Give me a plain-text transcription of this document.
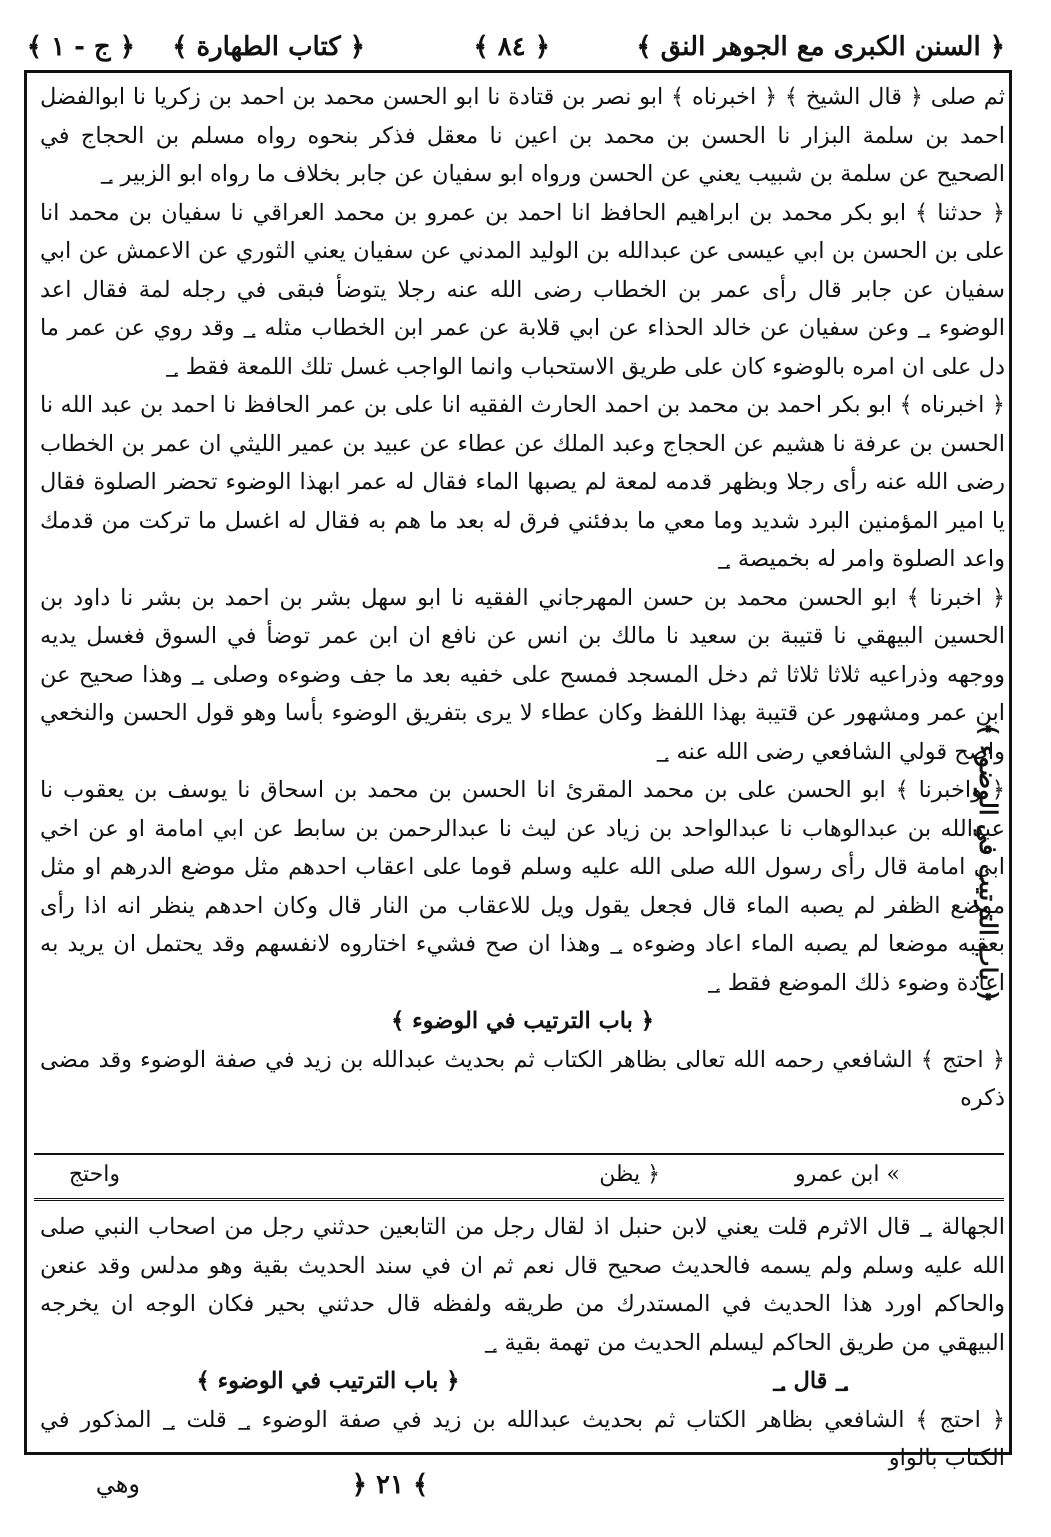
﴿ السنن الكبرى مع الجوهر النق ﴾
﴿ ٨٤ ﴾
﴿ كتاب الطهارة ﴾
﴿ ج - ١ ﴾

ثم صلى ﴿ قال الشيخ ﴾ ﴿ اخبرناه ﴾ ابو نصر بن قتادة نا ابو الحسن محمد بن احمد بن زكريا نا ابوالفضل احمد بن سلمة البزار نا الحسن بن محمد بن اعين نا معقل فذكر بنحوه رواه مسلم بن الحجاج في الصحيح عن سلمة بن شبيب يعني عن الحسن ورواه ابو سفيان عن جابر بخلاف ما رواه ابو الزبير ؀

﴿ حدثنا ﴾ ابو بكر محمد بن ابراهيم الحافظ انا احمد بن عمرو بن محمد العراقي نا سفيان بن محمد انا على بن الحسن بن ابي عيسى عن عبدالله بن الوليد المدني عن سفيان يعني الثوري عن الاعمش عن ابي سفيان عن جابر قال رأى عمر بن الخطاب رضى الله عنه رجلا يتوضأ فبقى في رجله لمة فقال اعد الوضوء ؀ وعن سفيان عن خالد الحذاء عن ابي قلابة عن عمر ابن الخطاب مثله ؀ وقد روي عن عمر ما دل على ان امره بالوضوء كان على طريق الاستحباب وانما الواجب غسل تلك اللمعة فقط ؀

﴿ اخبرناه ﴾ ابو بكر احمد بن محمد بن احمد الحارث الفقيه انا على بن عمر الحافظ نا احمد بن عبد الله نا الحسن بن عرفة نا هشيم عن الحجاج وعبد الملك عن عطاء عن عبيد بن عمير الليثي ان عمر بن الخطاب رضى الله عنه رأى رجلا وبظهر قدمه لمعة لم يصبها الماء فقال له عمر ابهذا الوضوء تحضر الصلوة فقال يا امير المؤمنين البرد شديد وما معي ما بدفئني فرق له بعد ما هم به فقال له اغسل ما تركت من قدمك واعد الصلوة وامر له بخميصة ؀

﴿ اخبرنا ﴾ ابو الحسن محمد بن حسن المهرجاني الفقيه نا ابو سهل بشر بن احمد بن بشر نا داود بن الحسين البيهقي نا قتيبة بن سعيد نا مالك بن انس عن نافع ان ابن عمر توضأ في السوق فغسل يديه ووجهه وذراعيه ثلاثا ثلاثا ثم دخل المسجد فمسح على خفيه بعد ما جف وضوءه وصلى ؀ وهذا صحيح عن ابن عمر ومشهور عن قتيبة بهذا اللفظ وكان عطاء لا يرى بتفريق الوضوء بأسا وهو قول الحسن والنخعي واصح قولي الشافعي رضى الله عنه ؀

﴿ واخبرنا ﴾ ابو الحسن على بن محمد المقرئ انا الحسن بن محمد بن اسحاق نا يوسف بن يعقوب نا عبدالله بن عبدالوهاب نا عبدالواحد بن زياد عن ليث نا عبدالرحمن بن سابط عن ابي امامة او عن اخي ابي امامة قال رأى رسول الله صلى الله عليه وسلم قوما على اعقاب احدهم مثل موضع الدرهم او مثل موضع الظفر لم يصبه الماء قال فجعل يقول ويل للاعقاب من النار قال وكان احدهم ينظر انه اذا رأى بعقبه موضعا لم يصبه الماء اعاد وضوءه ؀ وهذا ان صح فشيء اختاروه لانفسهم وقد يحتمل ان يريد به اعادة وضوء ذلك الموضع فقط ؀

﴿ باب الترتيب في الوضوء ﴾

﴿ احتج ﴾ الشافعي رحمه الله تعالى بظاهر الكتاب ثم بحديث عبدالله بن زيد في صفة الوضوء وقد مضى ذكره

» ابن عمرو
﴿ يظن
واحتج

الجهالة ؀ قال الاثرم قلت يعني لابن حنبل اذ لقال رجل من التابعين حدثني رجل من اصحاب النبي صلى الله عليه وسلم ولم يسمه فالحديث صحيح قال نعم ثم ان في سند الحديث بقية وهو مدلس وقد عنعن والحاكم اورد هذا الحديث في المستدرك من طريقه ولفظه قال حدثني بحير فكان الوجه ان يخرجه البيهقي من طريق الحاكم ليسلم الحديث من تهمة بقية ؀

؀ قال ؀
﴿ باب الترتيب في الوضوء ﴾

﴿ احتج ﴾ الشافعي بظاهر الكتاب ثم بحديث عبدالله بن زيد في صفة الوضوء ؀ قلت ؀ المذكور في الكتاب بالواو

﴿ باب الترتيب في الوضوء ﴾
﴿ ٢١ ﴾
وهي
